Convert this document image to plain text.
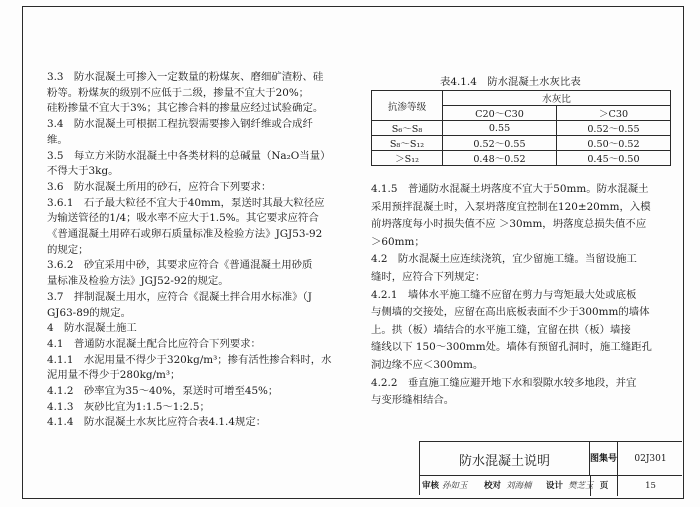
3.3　防水混凝土可掺入一定数量的粉煤灰、磨细矿渣粉、硅

粉等。粉煤灰的级别不应低于二级，掺量不宜大于20%；

硅粉掺量不宜大于3%；其它掺合料的掺量应经过试验确定。

3.4　防水混凝土可根据工程抗裂需要掺入钢纤维或合成纤

维。

3.5　每立方米防水混凝土中各类材料的总碱量（Na₂O当量）

不得大于3kg。

3.6　防水混凝土所用的砂石，应符合下列要求：

3.6.1　石子最大粒径不宜大于40mm，泵送时其最大粒径应

为输送管径的1/4；吸水率不应大于1.5%。其它要求应符合

《普通混凝土用碎石或卵石质量标准及检验方法》JGJ53-92

的规定；

3.6.2　砂宜采用中砂，其要求应符合《普通混凝土用砂质

量标准及检验方法》JGJ52-92的规定。

3.7　拌制混凝土用水，应符合《混凝土拌合用水标准》（J

GJ63-89的规定。

4　防水混凝土施工

4.1　普通防水混凝土配合比应符合下列要求：

4.1.1　水泥用量不得少于320kg/m³；掺有活性掺合料时，水

泥用量不得少于280kg/m³；

4.1.2　砂率宜为35～40%，泵送时可增至45%；

4.1.3　灰砂比宜为1:1.5～1:2.5；

4.1.4　防水混凝土水灰比应符合表4.1.4规定：

表4.1.4　防水混凝土水灰比表
抗渗等级	水灰比	
	C20～C30	＞C30
S₆～S₈	0.55	0.52～0.55
S₈～S₁₂	0.52～0.55	0.50～0.52
＞S₁₂	0.48～0.52	0.45～0.50

4.1.5　普通防水混凝土坍落度不宜大于50mm。防水混凝土

采用预拌混凝土时，入泵坍落度宜控制在120±20mm，入模

前坍落度每小时损失值不应 ＞30mm，坍落度总损失值不应

＞60mm；

4.2　防水混凝土应连续浇筑，宜少留施工缝。当留设施工

缝时，应符合下列规定：

4.2.1　墙体水平施工缝不应留在剪力与弯矩最大处或底板

与侧墙的交接处，应留在高出底板表面不少于300mm的墙体

上。拱（板）墙结合的水平施工缝，宜留在拱（板）墙接

缝线以下 150～300mm处。墙体有预留孔洞时，施工缝距孔

洞边缘不应＜300mm。

4.2.2　垂直施工缝应避开地下水和裂隙水较多地段，并宜

与变形缝相结合。

防水混凝土说明	图集号	02J301
审核 孙如玉 校对 刘海楠 设计 樊芝玉 页	15
